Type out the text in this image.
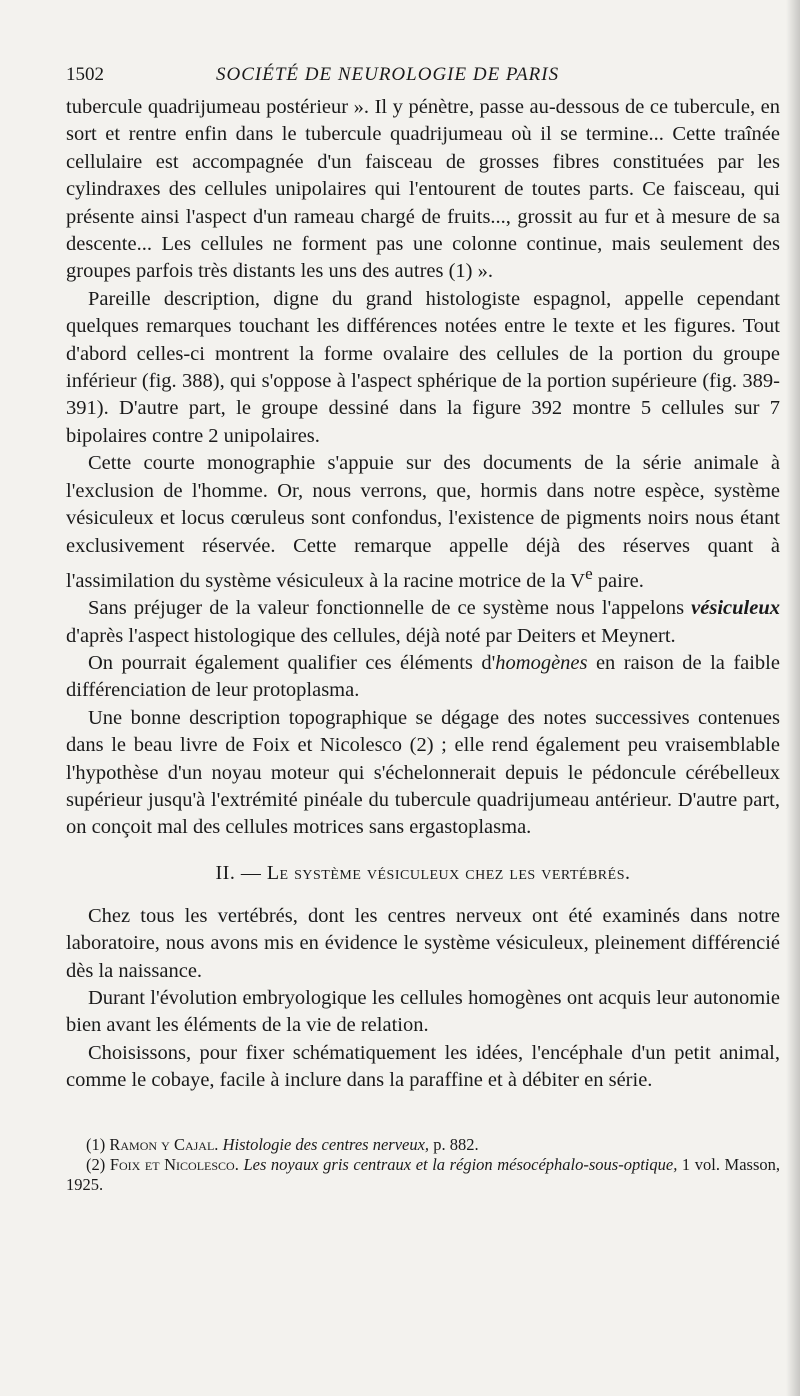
1502	SOCIÉTÉ DE NEUROLOGIE DE PARIS

tubercule quadrijumeau postérieur ». Il y pénètre, passe au-dessous de ce tubercule, en sort et rentre enfin dans le tubercule quadrijumeau où il se termine... Cette traînée cellulaire est accompagnée d'un faisceau de grosses fibres constituées par les cylindraxes des cellules unipolaires qui l'entourent de toutes parts. Ce faisceau, qui présente ainsi l'aspect d'un rameau chargé de fruits..., grossit au fur et à mesure de sa descente... Les cellules ne forment pas une colonne continue, mais seulement des groupes parfois très distants les uns des autres (1) ».

Pareille description, digne du grand histologiste espagnol, appelle cependant quelques remarques touchant les différences notées entre le texte et les figures. Tout d'abord celles-ci montrent la forme ovalaire des cellules de la portion du groupe inférieur (fig. 388), qui s'oppose à l'aspect sphérique de la portion supérieure (fig. 389-391). D'autre part, le groupe dessiné dans la figure 392 montre 5 cellules sur 7 bipolaires contre 2 unipolaires.

Cette courte monographie s'appuie sur des documents de la série animale à l'exclusion de l'homme. Or, nous verrons, que, hormis dans notre espèce, système vésiculeux et locus cœruleus sont confondus, l'existence de pigments noirs nous étant exclusivement réservée. Cette remarque appelle déjà des réserves quant à l'assimilation du système vésiculeux à la racine motrice de la Ve paire.

Sans préjuger de la valeur fonctionnelle de ce système nous l'appelons vésiculeux d'après l'aspect histologique des cellules, déjà noté par Deiters et Meynert.

On pourrait également qualifier ces éléments d'homogènes en raison de la faible différenciation de leur protoplasma.

Une bonne description topographique se dégage des notes successives contenues dans le beau livre de Foix et Nicolesco (2) ; elle rend également peu vraisemblable l'hypothèse d'un noyau moteur qui s'échelonnerait depuis le pédoncule cérébelleux supérieur jusqu'à l'extrémité pinéale du tubercule quadrijumeau antérieur. D'autre part, on conçoit mal des cellules motrices sans ergastoplasma.

II. — Le système vésiculeux chez les vertébrés.

Chez tous les vertébrés, dont les centres nerveux ont été examinés dans notre laboratoire, nous avons mis en évidence le système vésiculeux, pleinement différencié dès la naissance.

Durant l'évolution embryologique les cellules homogènes ont acquis leur autonomie bien avant les éléments de la vie de relation.

Choisissons, pour fixer schématiquement les idées, l'encéphale d'un petit animal, comme le cobaye, facile à inclure dans la paraffine et à débiter en série.

(1) Ramon y Cajal. Histologie des centres nerveux, p. 882.

(2) Foix et Nicolesco. Les noyaux gris centraux et la région mésocéphalo-sous-optique, 1 vol. Masson, 1925.
